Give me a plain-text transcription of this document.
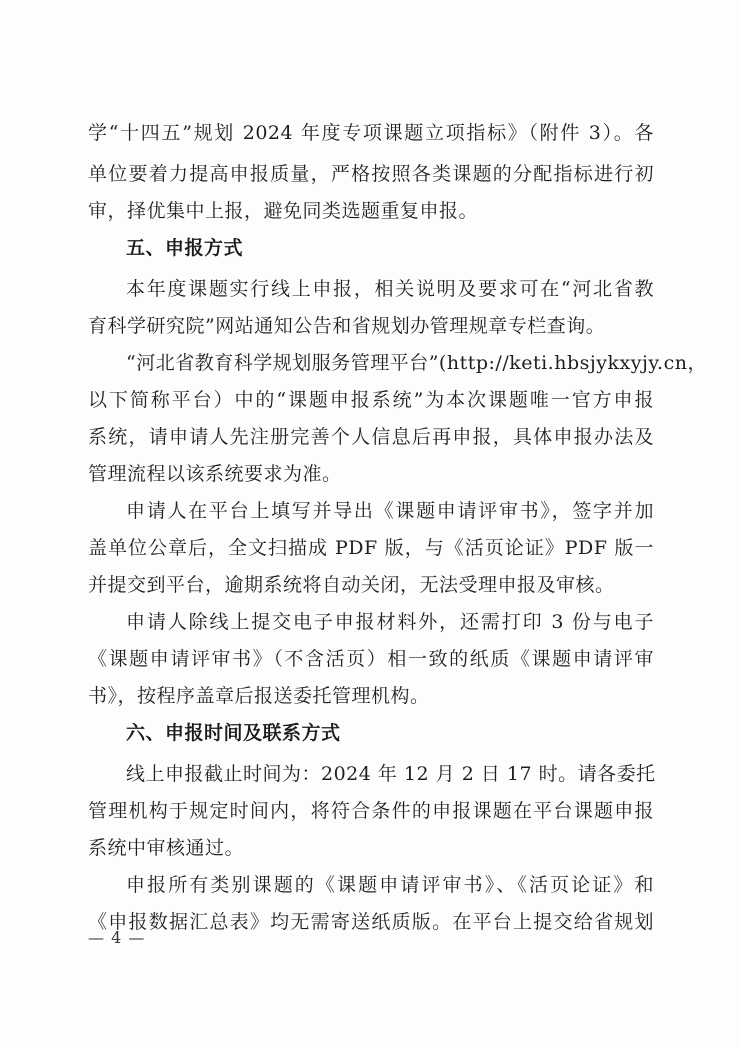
学“十四五”规划 2024 年度专项课题立项指标》（附件 3）。各
单位要着力提高申报质量，严格按照各类课题的分配指标进行初
审，择优集中上报，避免同类选题重复申报。
五、申报方式
本年度课题实行线上申报，相关说明及要求可在“河北省教
育科学研究院”网站通知公告和省规划办管理规章专栏查询。
“河北省教育科学规划服务管理平台”(http://keti.hbsjykxyjy.cn，
以下简称平台）中的“课题申报系统”为本次课题唯一官方申报
系统，请申请人先注册完善个人信息后再申报，具体申报办法及
管理流程以该系统要求为准。
申请人在平台上填写并导出《课题申请评审书》，签字并加
盖单位公章后，全文扫描成 PDF 版，与《活页论证》PDF 版一
并提交到平台，逾期系统将自动关闭，无法受理申报及审核。
申请人除线上提交电子申报材料外，还需打印 3 份与电子
《课题申请评审书》（不含活页）相一致的纸质《课题申请评审
书》，按程序盖章后报送委托管理机构。
六、申报时间及联系方式
线上申报截止时间为：2024 年 12 月 2 日 17 时。请各委托
管理机构于规定时间内，将符合条件的申报课题在平台课题申报
系统中审核通过。
申报所有类别课题的《课题申请评审书》、《活页论证》和
《申报数据汇总表》均无需寄送纸质版。在平台上提交给省规划
— 4 —
